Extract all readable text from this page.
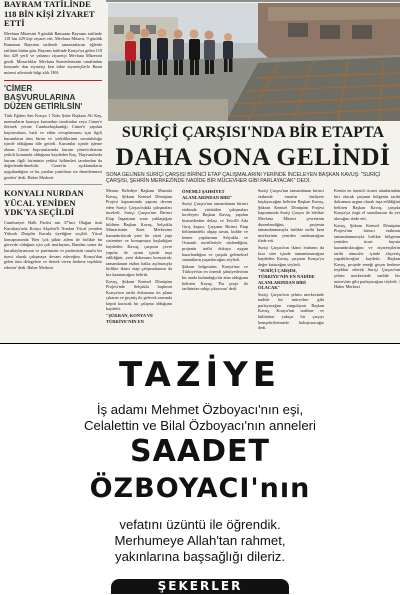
BAYRAM TATİLİNDE 118 BİN KİŞİ ZİYARET ETTİ

Mevlana Müzesini 9 günlük Ramazan Bayramı tatilinde 118 bin 429 kişi ziyaret etti. Mevlana Müzesi, 9 günlük Ramazan Bayramı tatilinde ramazanlarını eğlenle tatilinin bütün gün. Bayram tatilinde Konya'ya gelen 118 bin 429 yerli ve yabancı ziyaretçi Mevlana Müzesini gezdi. Mezarlıklar Mevlana Kenterleminin canalindan hzayanle dan ziyaretçi ken tükte ziyaretçilerle Rumi müzesi ailesinde bilgi aldı. İHA

'CİMER BAŞVURULARINA DÜZEN GETİRİLSİN'

Türk Eğitim Sen Konya 1 Nolu Şube Başkanı Ali Kaş, memurların konuyu kurumları tarafından veya Cimer'e iletmek yerine Cumhurbaşkanlığı Cimer'e yapılan başvuruların, hızlı ve etkin cevaplanması için ilgili kurumların tüm birim ve yetkililerinin sorumluluğu içinde olduğunu dile getirdi. Kurumlar içinde işleme alınan Cimer başvurularında kurum yöneticilerinin yetkili konumda olduğunu kaydeden Kaş, 'Başvurularda kurum ilgili biriminin yetkisi bölümleri tarafından da değerlendirilmelidir. Cimer'in açıklamaların uygulandığını ve bu yazılan yanıtların ise denetlenmesi gerekir' dedi. Haber Merkezi

KONYALI NURDAN YÜCAL YENİDEN YDK'YA SEÇİLDİ

Cumhuriyet Halk Partisi nin 37'inci Olağan üstü Kurultayı'nda Konya Akşehir'li Nurdan Yücal yeniden Yüksek Disiplin Kurulu üyeliğine seçildi. Yücal konuşmasında 'Ben 'çok şükür ailem ile birlikte bu görevde olduğum için çok mutluyum, Bundan sonra da kurultaylarımızın ve partimizin ve partimizin onurlu bir üyesi olarak çalışmaya devam edeceğim. Konya'dan gelen tüm delegelere ve destek veren herkese teşekkür ederim' dedi. Haber Merkezi

SURİÇİ ÇARŞISI'NDA BİR ETAPTA
DAHA SONA GELİNDİ

SONA GELİNEN SURİÇİ ÇARŞISI BİRİNCİ ETAP ÇALIŞMALARINI YERİNDE İNCELEYEN BAŞKAN KAVUŞ: "SURİÇİ ÇARŞISI, ŞEHRİN MERKEZİNDE NADİDE BİR MÜCEVHER GİBİ PARLAYACAK" DEDİ.

Meram Belediye Başkanı Mustafa Kavuş, Şükran Kentsel Dönüşüm Projesi kapsamında yapımı devam eden Suriçi Çarşısı'ndaki çalışmaları inceledi. Suriçi Çarşısı'nın Birinci Etap İnşaatının sona yaklaştığını bildiren Başkan Kavuş, Selçuklu Mimarisinin Kent Merkezine kazandırılacak yeni bir yüzü yapı sistemine ve konuşmaya başladığını kaydeden Kavuş, çarşının çevre yapılar ile uyum içinde inşa edildiğini, yeni dokusunu koruyarak; tamamlanan etabın halka açılmasıyla birlikte ikinci etap çalışmalarının da hız kazanacağını belirtti.

Kavuş, Şükran Kentsel Dönüşüm Projesi'nde Selçuklu başkenti Konya'nın tarihi dokusunu ön plana çıkaran ve geçmiş ile gelecek arasında köprü kuracak bir çalışma olduğunu kaydetti.

"ŞÜKRAN, KONYA VE TÜRKİYE'NİN EN
ÖNEMLİ ŞAHSİYET ALANLARINDAN BİRİ"

Suriçi Çarşısı'nın tamamlanan birinci etabında yürütülen çalışmaları inceleyen Başkan Kavuş, yapılan hizmetlerden dolayı ve Tescilli Ada Giriş kapısı, Çarşının Birinci Etap bölümündeki ahşap tavan, kubbe ve kemer yapılarının Selçuklu ve Osmanlı motifleriyle süslendiğini, projenin tarihi dokuya uygun hazırlandığını ve çarşıda geleneksel zanaatların yaşatılacağını söyledi.

Şükran bölgesinin, Konya'nın ve Türkiye'nin en önemli şahsiyetlerinin bir arada bulunduğu bir alan olduğunu belirten Kavuş, 'Bu proje ile tarihimize sahip çıkıyoruz' dedi.

Suriçi Çarşısı'nın tamamlanan birinci etabında esnafın faaliyete başlayacağını belirten Başkan Kavuş, Şükran Kentsel Dönüşüm Projesi kapsamında Suriçi Çarşısı ile birlikte Mevlana Müzesi çevresinin düzenlendiğini, projenin tamamlanmasıyla birlikte tarihi kent merkezinin yeniden canlanacağını ifade etti.

Suriçi Çarşısı'nın ikinci etabının da kısa süre içinde tamamlanacağını kaydeden Kavuş, çarşının Konya'ya değer katacağını söyledi.

"SURİÇİ ÇARŞISI, TÜRKİYE'NİN EN NADİDE ALANLARINDAN BİRİ OLACAK"

Suriçi Çarşısı'nın şehrin merkezinde nadide bir mücevher gibi parlayacağını vurgulayan Başkan Kavuş, Konya'nın tarihine ve kültürüne yakışır bir çarşıyı hemşehrilerimizle buluşturacağız dedi.

Kentin en önemli ticaret alanlarından biri olacak çarşının bölgenin tarihi dokusuna uygun olarak inşa edildiğini belirten Başkan Kavuş, çarşıda Konya'ya özgü el sanatlarının da yer alacağını ifade etti.

Kavuş, Şükran Kentsel Dönüşüm Projesi'nin birinci etabının tamamlanmasıyla birlikte bölgenin yeniden ticari hayata kazandırılacağını ve ziyaretçilerin tarihi atmosfer içinde alışveriş yapabileceğini kaydetti. Başkan Kavuş, projede emeği geçen herkese teşekkür ederek Suriçi Çarşısı'nın şehrin merkezinde nadide bir mücevher gibi parlayacağını söyledi. / Haber Merkezi

TAZİYE

İş adamı Mehmet Özboyacı'nın eşi,

Celalettin ve Bilal Özboyacı'nın anneleri

SAADET

ÖZBOYACI'nın

vefatını üzüntü ile öğrendik.

Merhumeye Allah'tan rahmet,

yakınlarına başsağlığı dileriz.

ŞEKERLER
